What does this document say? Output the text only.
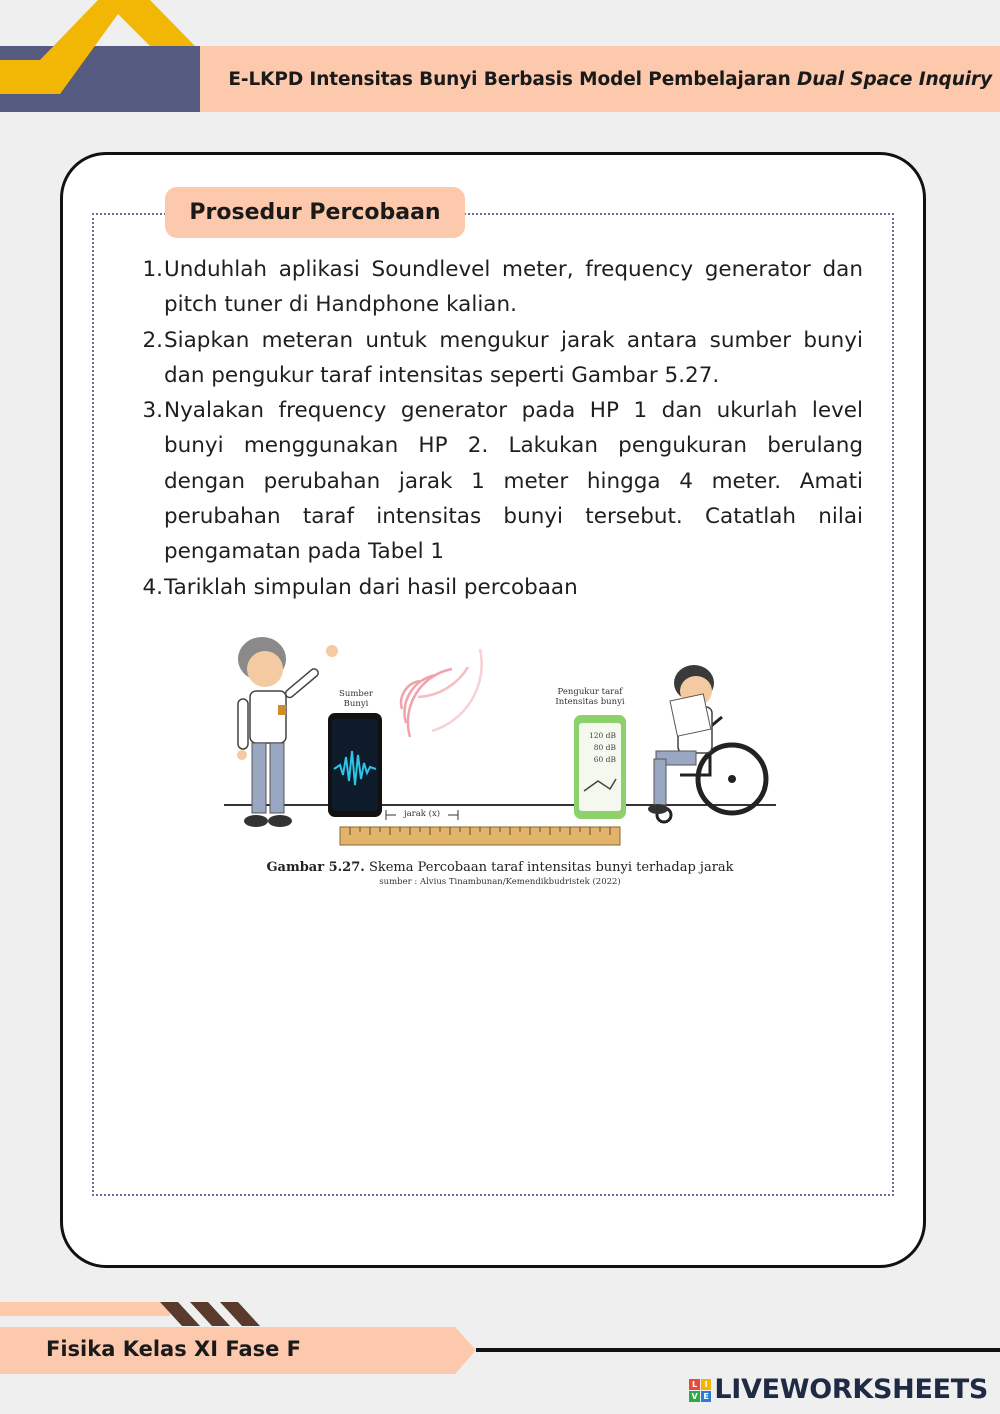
E-LKPD Intensitas Bunyi Berbasis Model Pembelajaran Dual Space Inquiry
Prosedur Percobaan
1. Unduhlah aplikasi Soundlevel meter, frequency generator dan pitch tuner di Handphone kalian.
2. Siapkan meteran untuk mengukur jarak antara sumber bunyi dan pengukur taraf intensitas seperti Gambar 5.27.
3. Nyalakan frequency generator pada HP 1 dan ukurlah level bunyi menggunakan HP 2. Lakukan pengukuran berulang dengan perubahan jarak 1 meter hingga 4 meter. Amati perubahan taraf intensitas bunyi tersebut. Catatlah nilai pengamatan pada Tabel 1
4. Tariklah simpulan dari hasil percobaan
Sumber Bunyi
Pengukur taraf Intensitas bunyi
120 dB
80 dB
60 dB
jarak (x)
Gambar 5.27. Skema Percobaan taraf intensitas bunyi terhadap jarak
sumber : Alvius Tinambunan/Kemendikbudristek (2022)
Fisika Kelas XI Fase F
L I
V E LIVEWORKSHEETS
